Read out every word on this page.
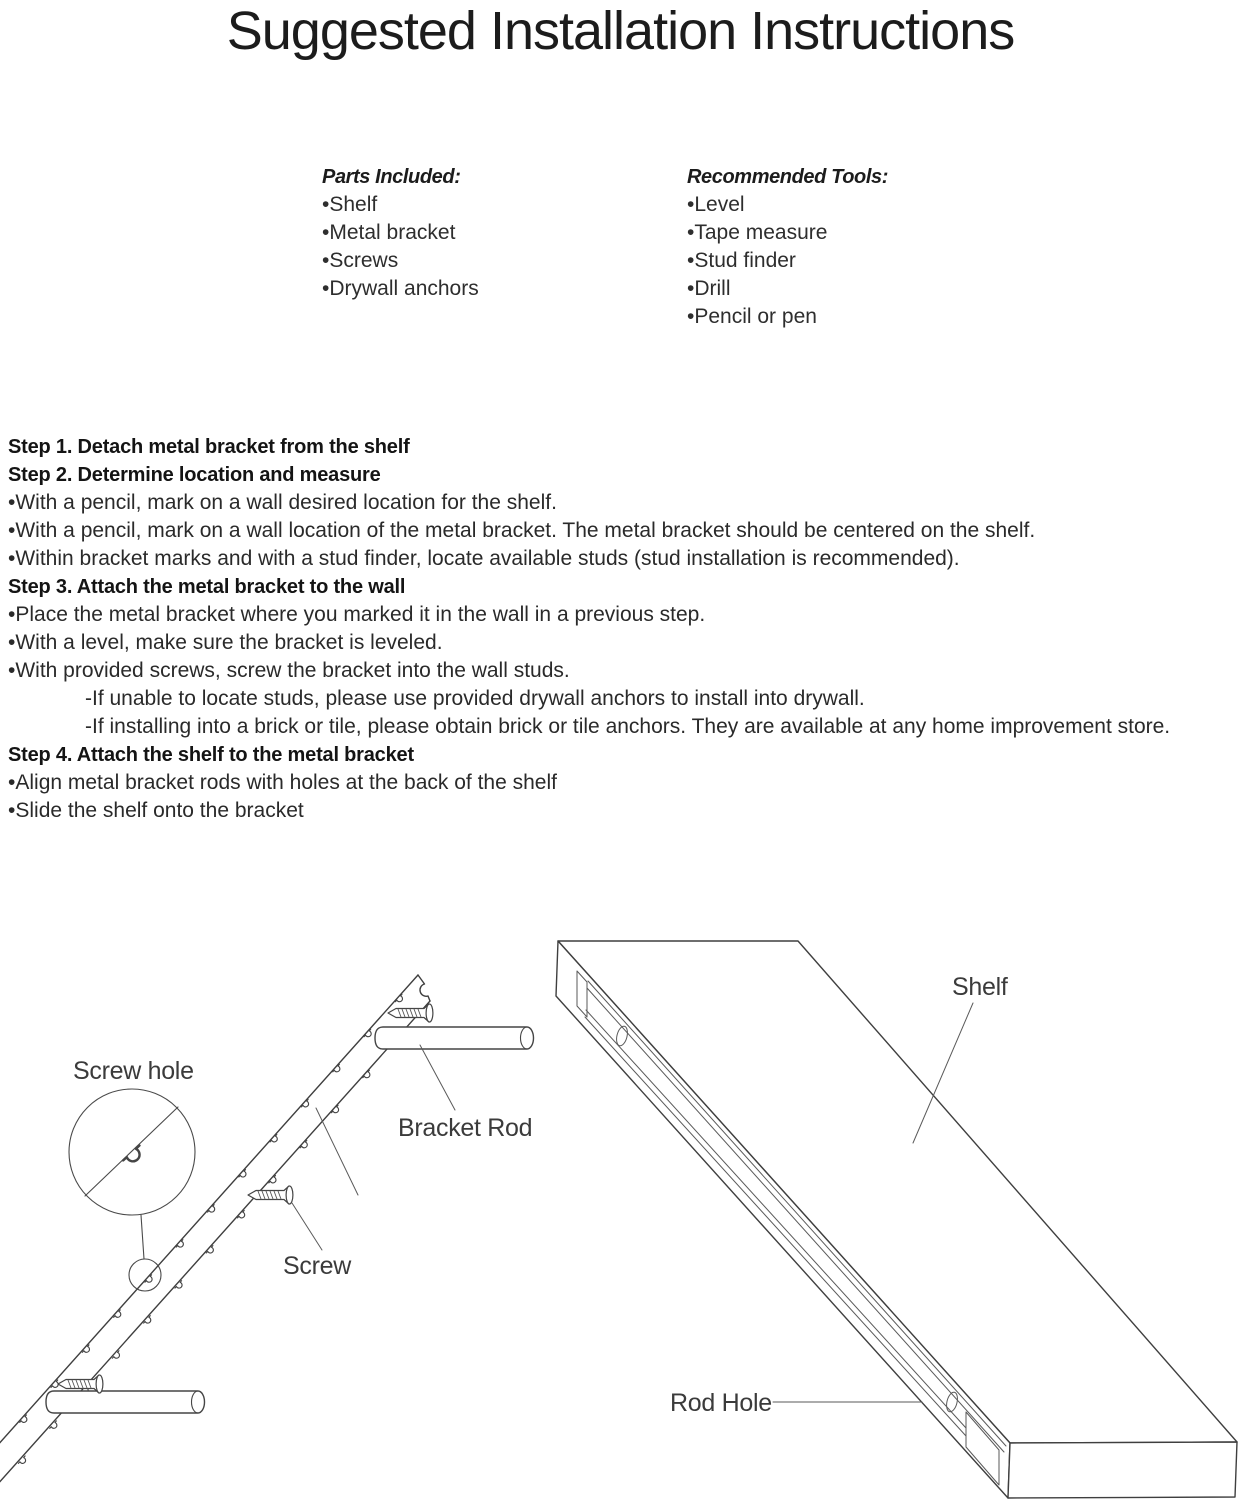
Suggested Installation Instructions
Parts Included:
•Shelf
•Metal bracket
•Screws
•Drywall anchors
Recommended Tools:
•Level
•Tape measure
•Stud finder
•Drill
•Pencil or pen
Step 1. Detach metal bracket from the shelf
Step 2. Determine location and measure
•With a pencil, mark on a wall desired location for the shelf.
•With a pencil, mark on a wall location of the metal bracket. The metal bracket should be centered on the shelf.
•Within bracket marks and with a stud finder, locate available studs (stud installation is recommended).
Step 3. Attach the metal bracket to the wall
•Place the metal bracket where you marked it in the wall in a previous step.
•With a level, make sure the bracket is leveled.
•With provided screws, screw the bracket into the wall studs.
-If unable to locate studs, please use provided drywall anchors to install into drywall.
-If installing into a brick or tile, please obtain brick or tile anchors. They are available at any home improvement store.
Step 4. Attach the shelf to the metal bracket
•Align metal bracket rods with holes at the back of the shelf
•Slide the shelf onto the bracket
Screw hole
Bracket Rod
Screw
Shelf
Rod Hole
